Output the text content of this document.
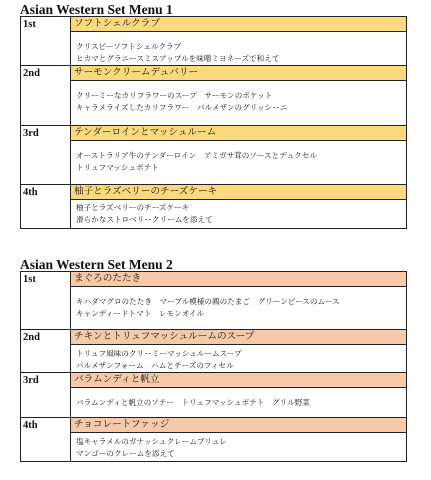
Asian Western Set Menu 1
1st	ソフトシェルクラブ
クリスピーソフトシェルクラブ
ヒカマとグラニースミスアップルを味噌ミヨネーズで和えて

2nd	サーモンクリームデュバリー
クリーミーなカリフラワーのスープ　サーモンのポケット
キャラメライズしたカリフラワー　パルメザンのグリッシーニ

3rd	テンダーロインとマッシュルーム
オーストラリア牛のテンダーロイン　アミガサ茸のソースとデュクセル
トリュフマッシュポテト

4th	柚子とラズベリーのチーズケーキ
柚子とラズベリーのチーズケーキ
滑らかなストロベリークリームを添えて
Asian Western Set Menu 2
1st	まぐろのたたき
キハダマグロのたたき　マーブル模様の鶉のたまご　グリーンピースのムース
キャンディードトマト　レモンオイル

2nd	チキンとトリュフマッシュルームのスープ
トリュフ風味のクリーミーマッシュルームスープ
パルメザンフォーム　ハムとチーズのフィセル

3rd	バラムンディと帆立
バラムンディと帆立のソテー　トリュフマッシュポテト　グリル野菜

4th	チョコレートファッジ
塩キャラメルのガナッシュクレームブリュレ
マンゴーのクレームを添えて
